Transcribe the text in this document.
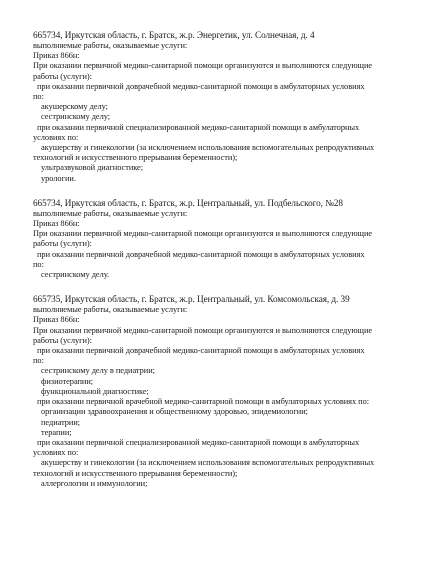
665734, Иркутская область, г. Братск, ж.р. Энергетик, ул. Солнечная, д. 4
выполняемые работы, оказываемые услуги:
Приказ 866н:
При оказании первичной медико-санитарной помощи организуются и выполняются следующие
работы (услуги):
при оказании первичной доврачебной медико-санитарной помощи в амбулаторных условиях
по:
акушерскому делу;
сестринскому делу;
при оказании первичной специализированной медико-санитарной помощи в амбулаторных
условиях по:
акушерству и гинекологии (за исключением использования вспомогательных репродуктивных
технологий и искусственного прерывания беременности);
ультразвуковой диагностике;
урологии.
665734, Иркутская область, г. Братск, ж.р. Центральный, ул. Подбельского, №28
выполняемые работы, оказываемые услуги:
Приказ 866н:
При оказании первичной медико-санитарной помощи организуются и выполняются следующие
работы (услуги):
при оказании первичной доврачебной медико-санитарной помощи в амбулаторных условиях
по:
сестринскому делу.
665735, Иркутская область, г. Братск, ж.р. Центральный, ул. Комсомольская, д. 39
выполняемые работы, оказываемые услуги:
Приказ 866н:
При оказании первичной медико-санитарной помощи организуются и выполняются следующие
работы (услуги):
при оказании первичной доврачебной медико-санитарной помощи в амбулаторных условиях
по:
сестринскому делу в педиатрии;
физиотерапии;
функциональной диагностике;
при оказании первичной врачебной медико-санитарной помощи в амбулаторных условиях по:
организации здравоохранения и общественному здоровью, эпидемиологии;
педиатрии;
терапии;
при оказании первичной специализированной медико-санитарной помощи в амбулаторных
условиях по:
акушерству и гинекологии (за исключением использования вспомогательных репродуктивных
технологий и искусственного прерывания беременности);
аллергологии и иммунологии;
